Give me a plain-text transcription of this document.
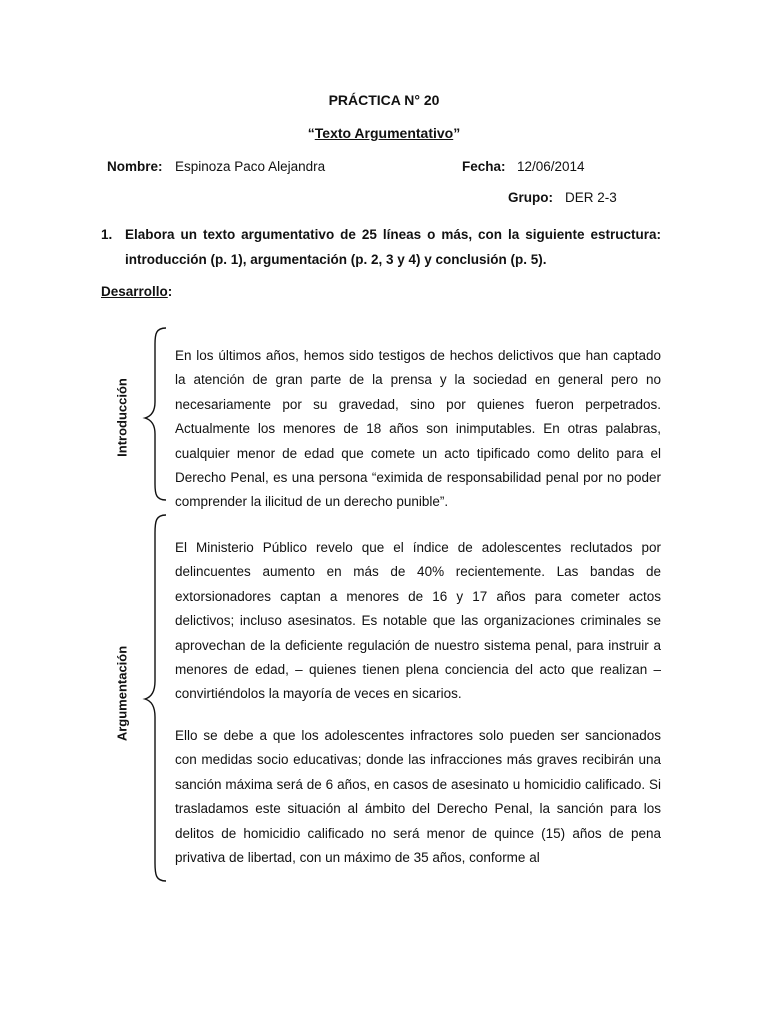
PRÁCTICA N° 20
“Texto Argumentativo”
Nombre: Espinoza Paco Alejandra	Fecha: 12/06/2014
Grupo: DER 2-3
1. Elabora un texto argumentativo de 25 líneas o más, con la siguiente estructura: introducción (p. 1), argumentación (p. 2, 3 y 4) y conclusión (p. 5).
Desarrollo:
Introducción
Argumentación
En los últimos años, hemos sido testigos de hechos delictivos que han captado la atención de gran parte de la prensa y la sociedad en general pero no necesariamente por su gravedad, sino por quienes fueron perpetrados. Actualmente los menores de 18 años son inimputables. En otras palabras, cualquier menor de edad que comete un acto tipificado como delito para el Derecho Penal, es una persona “eximida de responsabilidad penal por no poder comprender la ilicitud de un derecho punible”.
El Ministerio Público revelo que el índice de adolescentes reclutados por delincuentes aumento en más de 40% recientemente. Las bandas de extorsionadores captan a menores de 16 y 17 años para cometer actos delictivos; incluso asesinatos. Es notable que las organizaciones criminales se aprovechan de la deficiente regulación de nuestro sistema penal, para instruir a menores de edad, – quienes tienen plena conciencia del acto que realizan – convirtiéndolos la mayoría de veces en sicarios.
Ello se debe a que los adolescentes infractores solo pueden ser sancionados con medidas socio educativas; donde las infracciones más graves recibirán una sanción máxima será de 6 años, en casos de asesinato u homicidio calificado. Si trasladamos este situación al ámbito del Derecho Penal, la sanción para los delitos de homicidio calificado no será menor de quince (15) años de pena privativa de libertad, con un máximo de 35 años, conforme al
